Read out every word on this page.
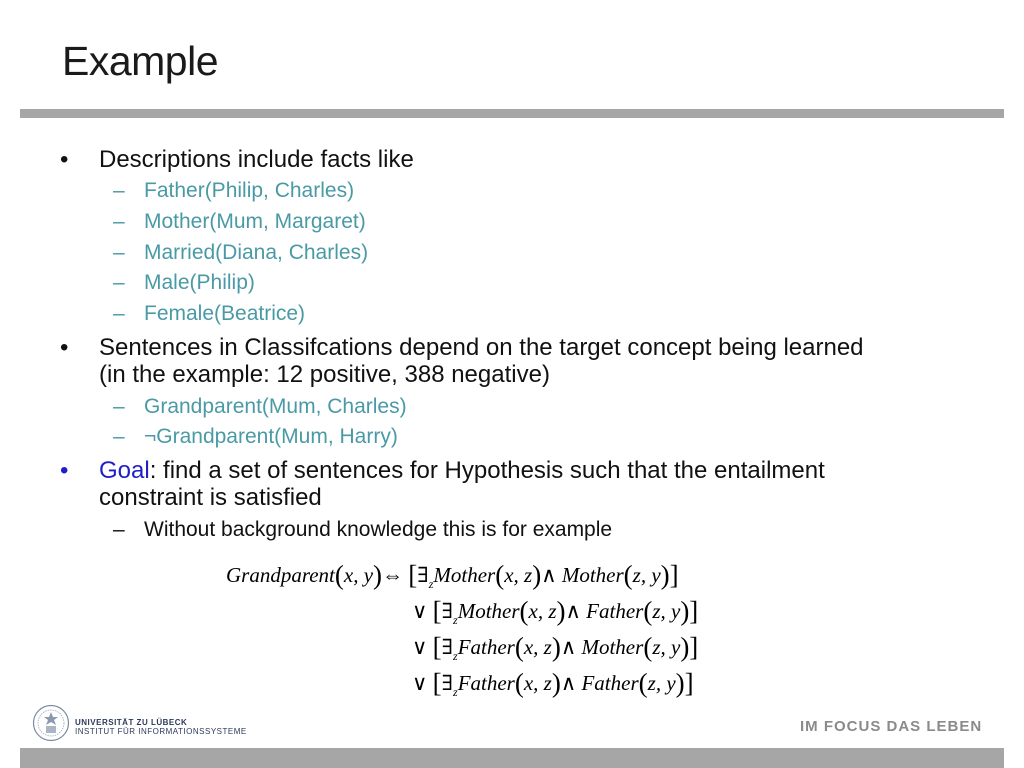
Example
•	Descriptions include facts like
– Father(Philip, Charles)
– Mother(Mum, Margaret)
– Married(Diana, Charles)
– Male(Philip)
– Female(Beatrice)
•	Sentences in Classifcations depend on the target concept being learned
(in the example: 12 positive, 388 negative)
– Grandparent(Mum, Charles)
– ¬Grandparent(Mum, Harry)
•	Goal: find a set of sentences for Hypothesis such that the entailment
constraint is satisfied
– Without background knowledge this is for example
Grandparent(x, y)⇔ [$\exists_zMother(x$, z)∧ Mother(z, y)]
∨ [$\exists_zMother(x$, z)∧ Father(z, y)]
∨ [$\exists_zFather(x$, z)∧ Mother(z, y)]
∨ [$\exists_zFather(x$, z)∧ Father(z, y)]
UNIVERSITÄT ZU LÜBECK
INSTITUT FÜR INFORMATIONSSYSTEME	IM FOCUS DAS LEBEN
